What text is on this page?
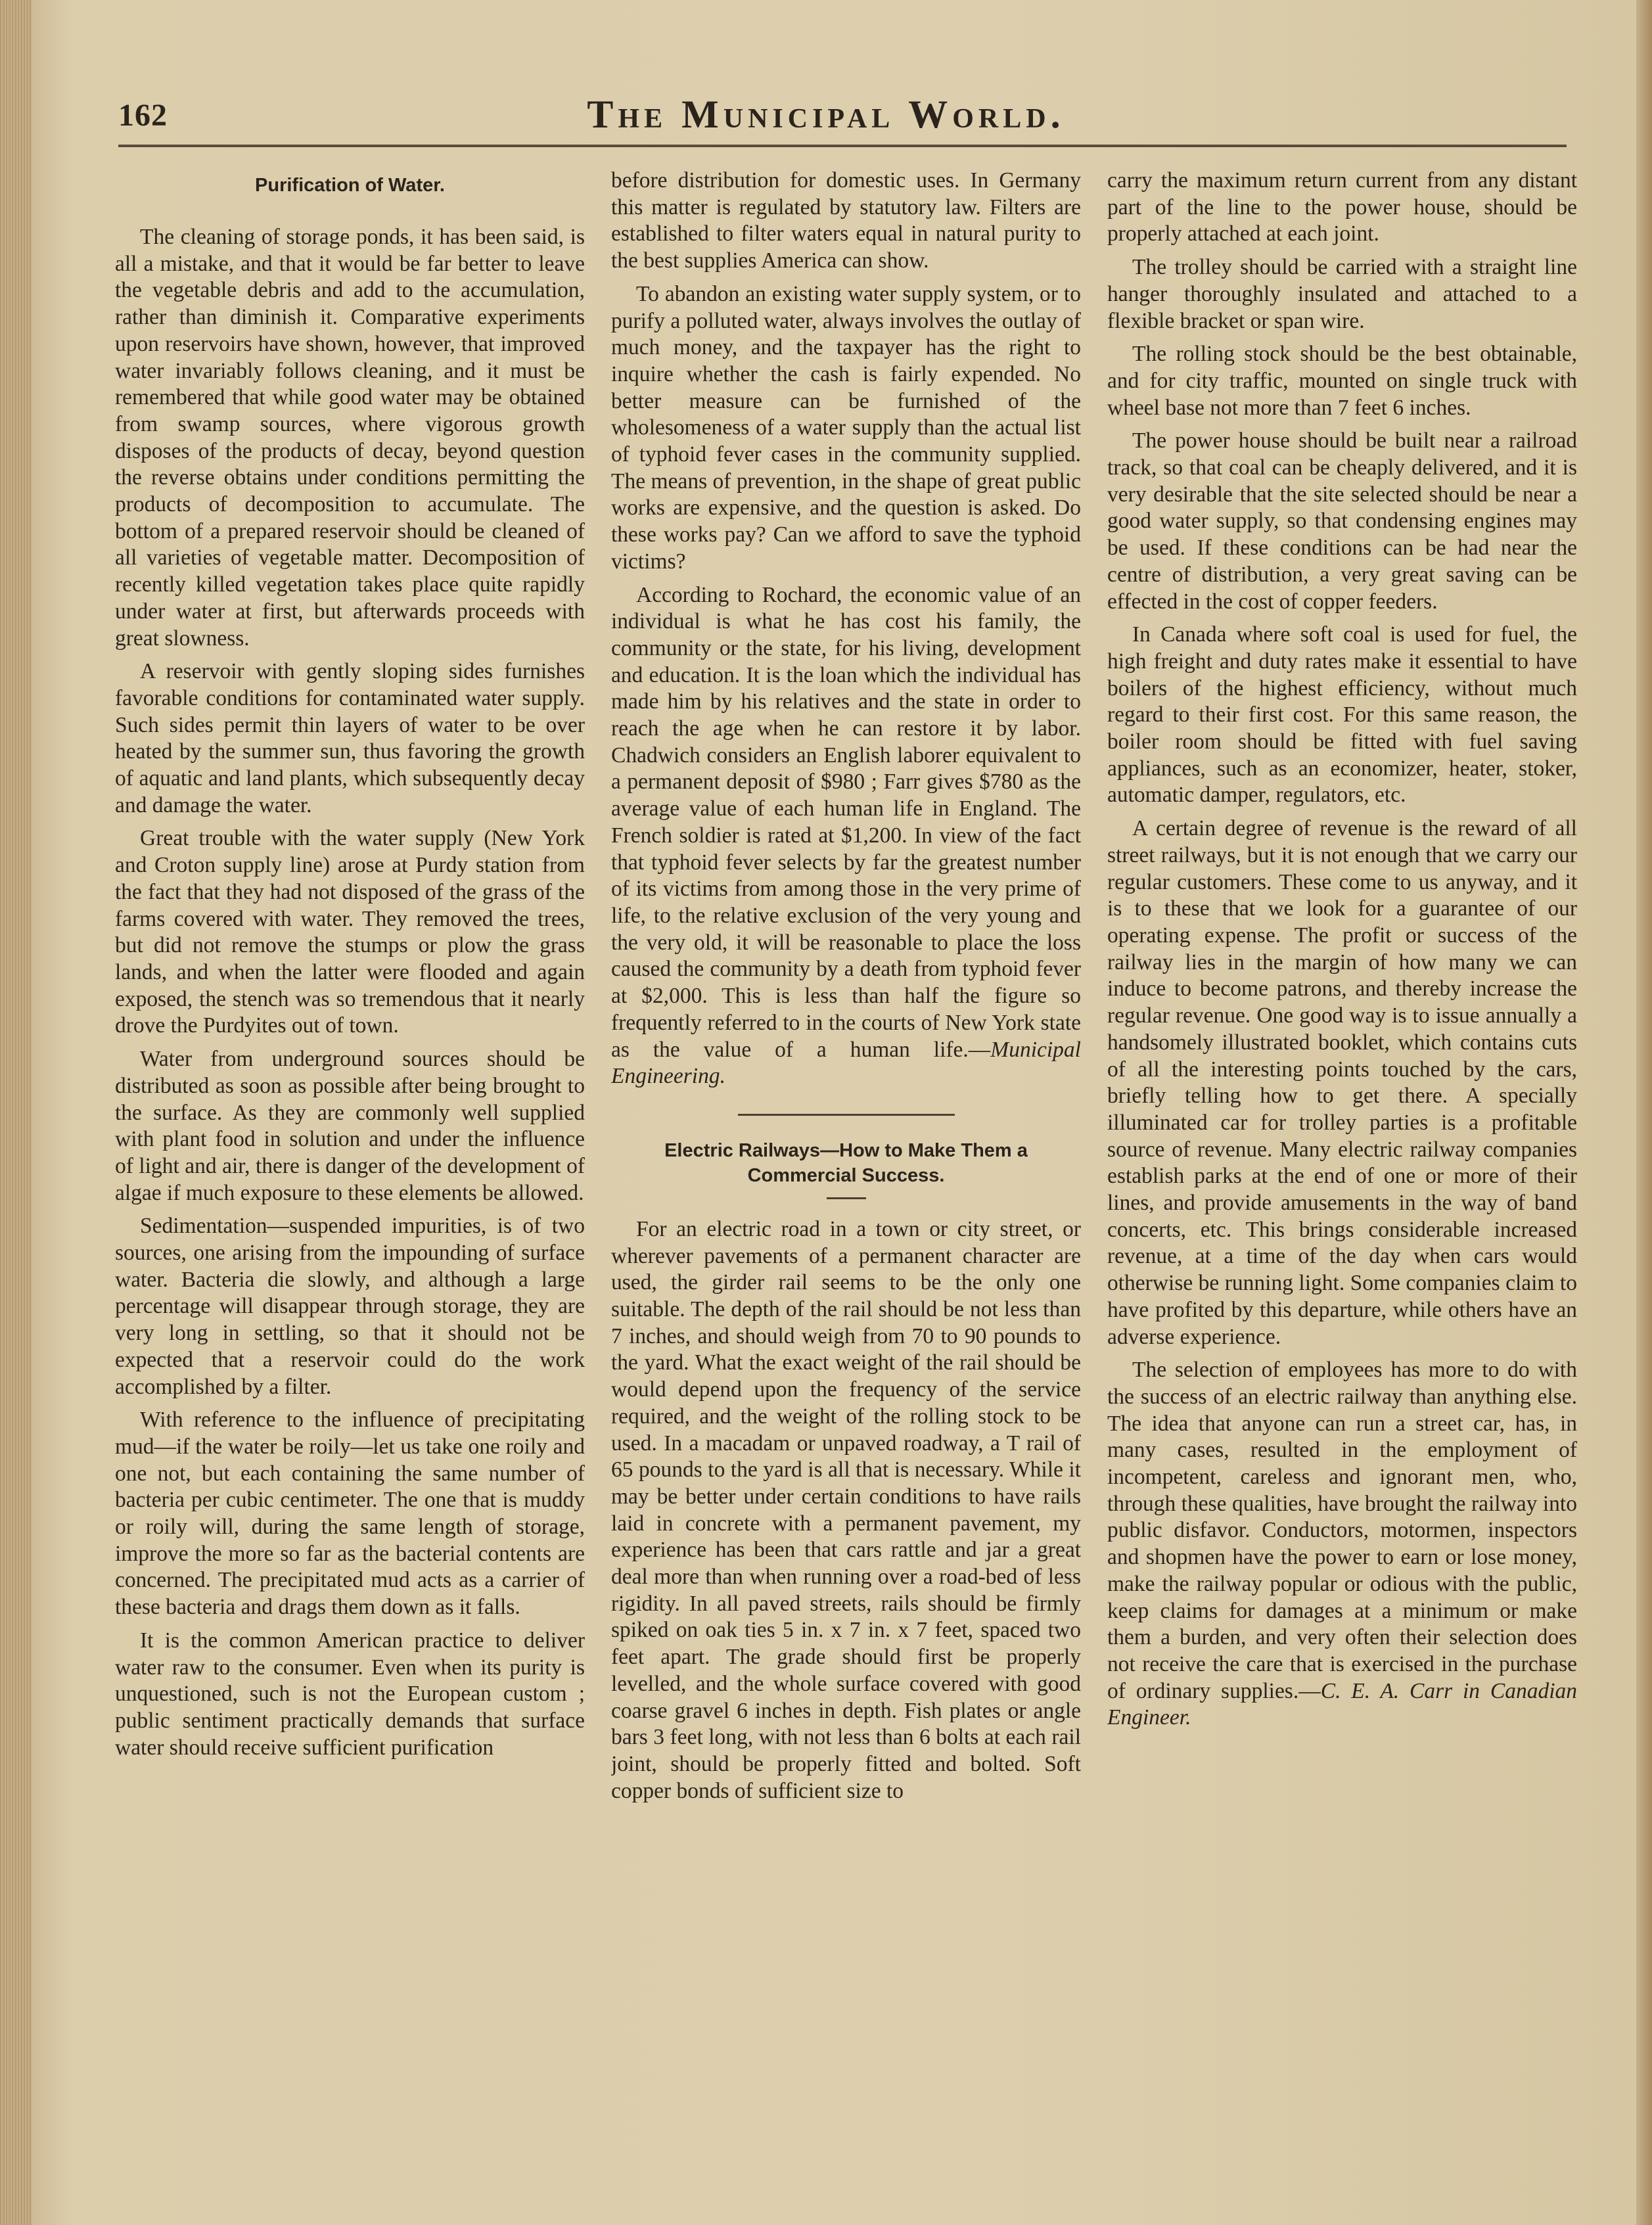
162	The Municipal World.
Purification of Water.

The cleaning of storage ponds, it has been said, is all a mistake, and that it would be far better to leave the vegetable debris and add to the accumulation, rather than diminish it. Comparative experiments upon reservoirs have shown, however, that improved water invariably follows cleaning, and it must be remembered that while good water may be obtained from swamp sources, where vigorous growth disposes of the products of decay, beyond question the reverse obtains under conditions permitting the products of decomposition to accumulate. The bottom of a prepared reservoir should be cleaned of all varieties of vegetable matter. Decomposition of recently killed vegetation takes place quite rapidly under water at first, but afterwards proceeds with great slowness.

A reservoir with gently sloping sides furnishes favorable conditions for contaminated water supply. Such sides permit thin layers of water to be over heated by the summer sun, thus favoring the growth of aquatic and land plants, which subsequently decay and damage the water.

Great trouble with the water supply (New York and Croton supply line) arose at Purdy station from the fact that they had not disposed of the grass of the farms covered with water. They removed the trees, but did not remove the stumps or plow the grass lands, and when the latter were flooded and again exposed, the stench was so tremendous that it nearly drove the Purdyites out of town.

Water from underground sources should be distributed as soon as possible after being brought to the surface. As they are commonly well supplied with plant food in solution and under the influence of light and air, there is danger of the development of algae if much exposure to these elements be allowed.

Sedimentation—suspended impurities, is of two sources, one arising from the impounding of surface water. Bacteria die slowly, and although a large percentage will disappear through storage, they are very long in settling, so that it should not be expected that a reservoir could do the work accomplished by a filter.

With reference to the influence of precipitating mud—if the water be roily—let us take one roily and one not, but each containing the same number of bacteria per cubic centimeter. The one that is muddy or roily will, during the same length of storage, improve the more so far as the bacterial contents are concerned. The precipitated mud acts as a carrier of these bacteria and drags them down as it falls.

It is the common American practice to deliver water raw to the consumer. Even when its purity is unquestioned, such is not the European custom ; public sentiment practically demands that surface water should receive sufficient purification

before distribution for domestic uses. In Germany this matter is regulated by statutory law. Filters are established to filter waters equal in natural purity to the best supplies America can show.

To abandon an existing water supply system, or to purify a polluted water, always involves the outlay of much money, and the taxpayer has the right to inquire whether the cash is fairly expended. No better measure can be furnished of the wholesomeness of a water supply than the actual list of typhoid fever cases in the community supplied. The means of prevention, in the shape of great public works are expensive, and the question is asked. Do these works pay? Can we afford to save the typhoid victims?

According to Rochard, the economic value of an individual is what he has cost his family, the community or the state, for his living, development and education. It is the loan which the individual has made him by his relatives and the state in order to reach the age when he can restore it by labor. Chadwich considers an English laborer equivalent to a permanent deposit of $980 ; Farr gives $780 as the average value of each human life in England. The French soldier is rated at $1,200. In view of the fact that typhoid fever selects by far the greatest number of its victims from among those in the very prime of life, to the relative exclusion of the very young and the very old, it will be reasonable to place the loss caused the community by a death from typhoid fever at $2,000. This is less than half the figure so frequently referred to in the courts of New York state as the value of a human life.—Municipal Engineering.

Electric Railways—How to Make Them a Commercial Success.

For an electric road in a town or city street, or wherever pavements of a permanent character are used, the girder rail seems to be the only one suitable. The depth of the rail should be not less than 7 inches, and should weigh from 70 to 90 pounds to the yard. What the exact weight of the rail should be would depend upon the frequency of the service required, and the weight of the rolling stock to be used. In a macadam or unpaved roadway, a T rail of 65 pounds to the yard is all that is necessary. While it may be better under certain conditions to have rails laid in concrete with a permanent pavement, my experience has been that cars rattle and jar a great deal more than when running over a road-bed of less rigidity. In all paved streets, rails should be firmly spiked on oak ties 5 in. x 7 in. x 7 feet, spaced two feet apart. The grade should first be properly levelled, and the whole surface covered with good coarse gravel 6 inches in depth. Fish plates or angle bars 3 feet long, with not less than 6 bolts at each rail joint, should be properly fitted and bolted. Soft copper bonds of sufficient size to

carry the maximum return current from any distant part of the line to the power house, should be properly attached at each joint.

The trolley should be carried with a straight line hanger thoroughly insulated and attached to a flexible bracket or span wire.

The rolling stock should be the best obtainable, and for city traffic, mounted on single truck with wheel base not more than 7 feet 6 inches.

The power house should be built near a railroad track, so that coal can be cheaply delivered, and it is very desirable that the site selected should be near a good water supply, so that condensing engines may be used. If these conditions can be had near the centre of distribution, a very great saving can be effected in the cost of copper feeders.

In Canada where soft coal is used for fuel, the high freight and duty rates make it essential to have boilers of the highest efficiency, without much regard to their first cost. For this same reason, the boiler room should be fitted with fuel saving appliances, such as an economizer, heater, stoker, automatic damper, regulators, etc.

A certain degree of revenue is the reward of all street railways, but it is not enough that we carry our regular customers. These come to us anyway, and it is to these that we look for a guarantee of our operating expense. The profit or success of the railway lies in the margin of how many we can induce to become patrons, and thereby increase the regular revenue. One good way is to issue annually a handsomely illustrated booklet, which contains cuts of all the interesting points touched by the cars, briefly telling how to get there. A specially illuminated car for trolley parties is a profitable source of revenue. Many electric railway companies establish parks at the end of one or more of their lines, and provide amusements in the way of band concerts, etc. This brings considerable increased revenue, at a time of the day when cars would otherwise be running light. Some companies claim to have profited by this departure, while others have an adverse experience.

The selection of employees has more to do with the success of an electric railway than anything else. The idea that anyone can run a street car, has, in many cases, resulted in the employment of incompetent, careless and ignorant men, who, through these qualities, have brought the railway into public disfavor. Conductors, motormen, inspectors and shopmen have the power to earn or lose money, make the railway popular or odious with the public, keep claims for damages at a minimum or make them a burden, and very often their selection does not receive the care that is exercised in the purchase of ordinary supplies.—C. E. A. Carr in Canadian Engineer.
